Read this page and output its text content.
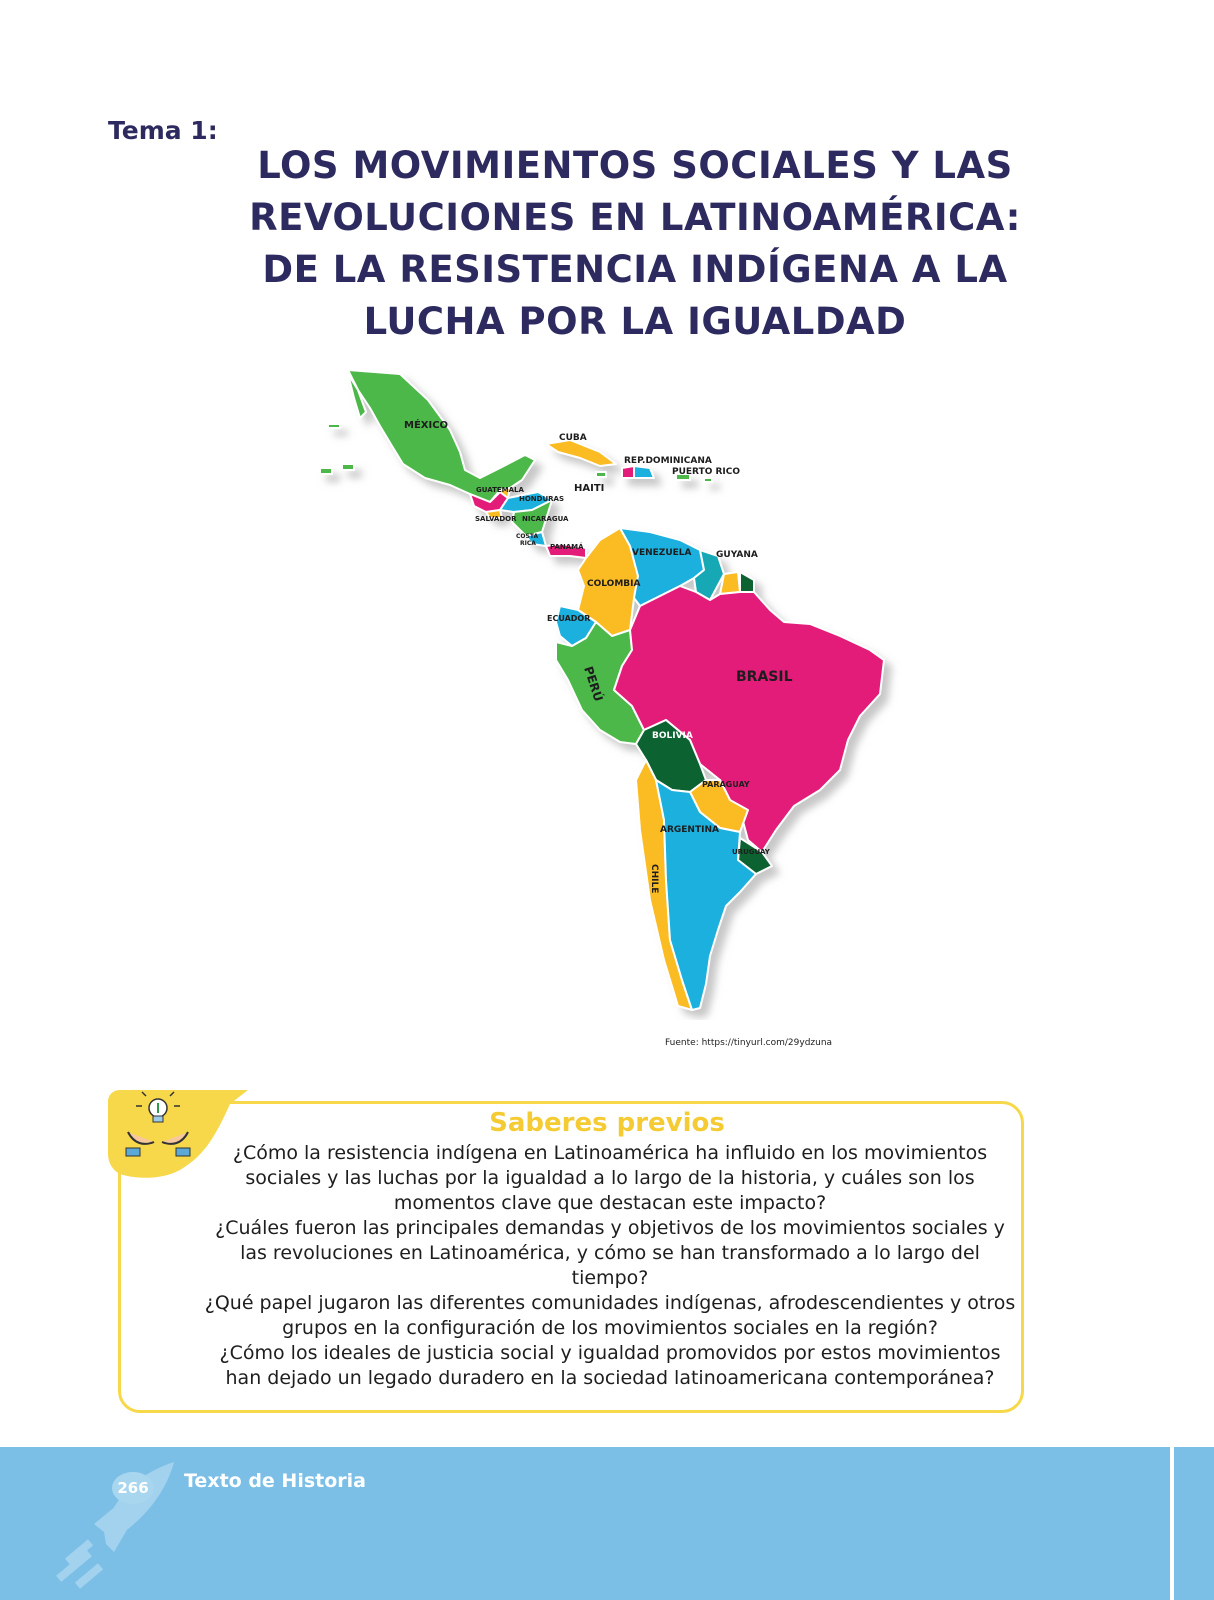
Tema 1:
LOS MOVIMIENTOS SOCIALES Y LAS
REVOLUCIONES EN LATINOAMÉRICA:
DE LA RESISTENCIA INDÍGENA A LA
LUCHA POR LA IGUALDAD
MÉXICO
CUBA
REP.DOMINICANA
PUERTO RICO
HAITI
GUATEMALA
HONDURAS
SALVADOR NICARAGUA
COSTA
RICA PANAMÁ
VENEZUELA	GUYANA
COLOMBIA
ECUADOR
PERÚ	BRASIL
BOLIVIA
PARAGUAY
ARGENTINA
URUGUAY
CHILE
Fuente: https://tinyurl.com/29ydzuna
Saberes previos

¿Cómo la resistencia indígena en Latinoamérica ha influido en los movimientos sociales y las luchas por la igualdad a lo largo de la historia, y cuáles son los momentos clave que destacan este impacto?

¿Cuáles fueron las principales demandas y objetivos de los movimientos sociales y las revoluciones en Latinoamérica, y cómo se han transformado a lo largo del tiempo?

¿Qué papel jugaron las diferentes comunidades indígenas, afrodescendientes y otros grupos en la configuración de los movimientos sociales en la región?

¿Cómo los ideales de justicia social y igualdad promovidos por estos movimientos han dejado un legado duradero en la sociedad latinoamericana contemporánea?

266 Texto de Historia
